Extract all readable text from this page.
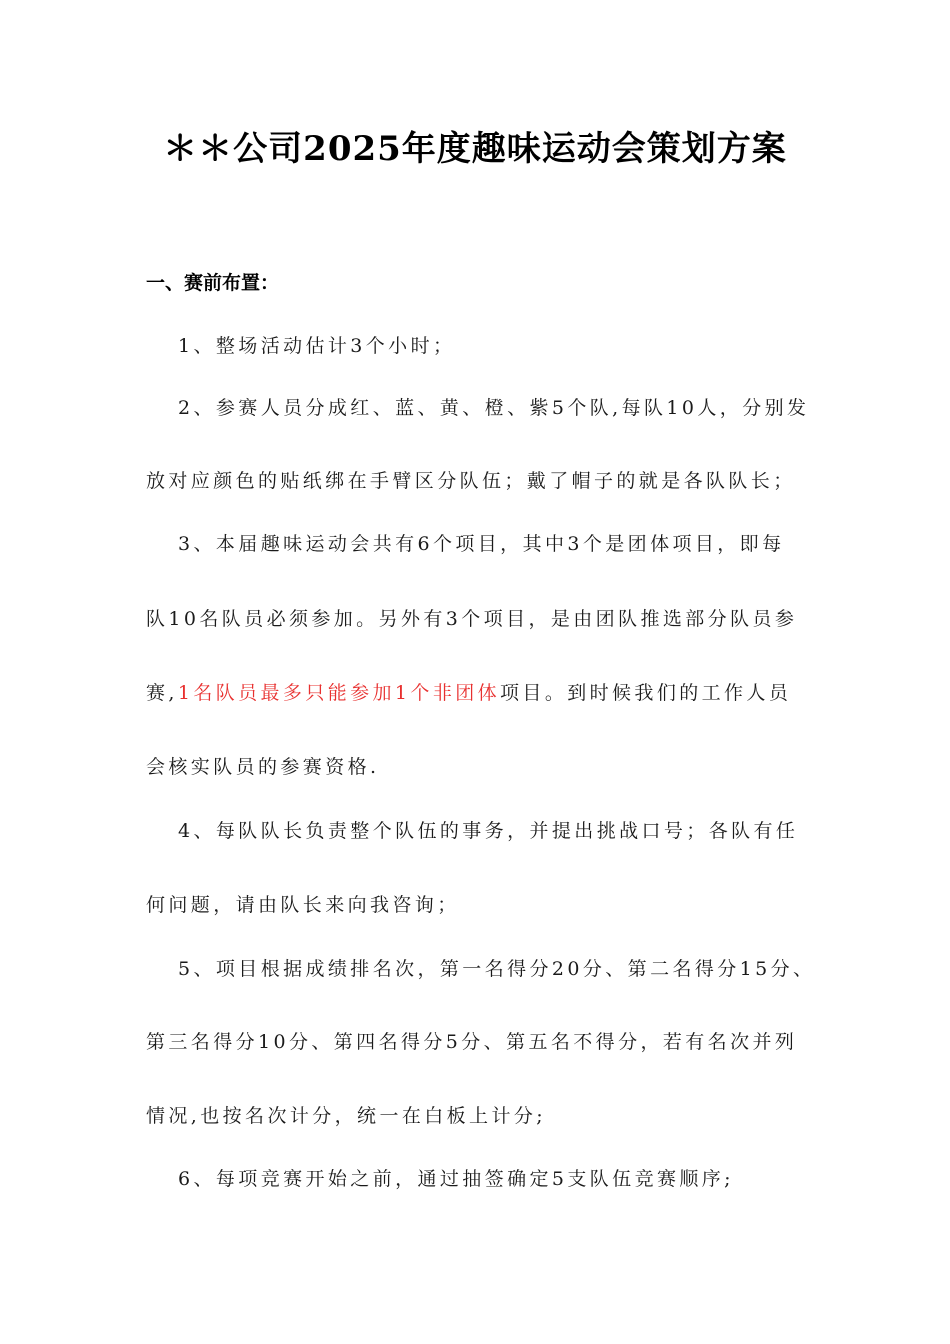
＊＊公司2025年度趣味运动会策划方案
一、赛前布置：
1、整场活动估计3个小时；
2、参赛人员分成红、蓝、黄、橙、紫5个队,每队10人，分别发
放对应颜色的贴纸绑在手臂区分队伍；戴了帽子的就是各队队长；
3、本届趣味运动会共有6个项目，其中3个是团体项目，即每
队10名队员必须参加。另外有3个项目，是由团队推选部分队员参
赛,1名队员最多只能参加1个非团体项目。到时候我们的工作人员
会核实队员的参赛资格.
4、每队队长负责整个队伍的事务，并提出挑战口号；各队有任
何问题，请由队长来向我咨询；
5、项目根据成绩排名次，第一名得分20分、第二名得分15分、
第三名得分10分、第四名得分5分、第五名不得分，若有名次并列
情况,也按名次计分，统一在白板上计分;
6、每项竞赛开始之前，通过抽签确定5支队伍竞赛顺序;
